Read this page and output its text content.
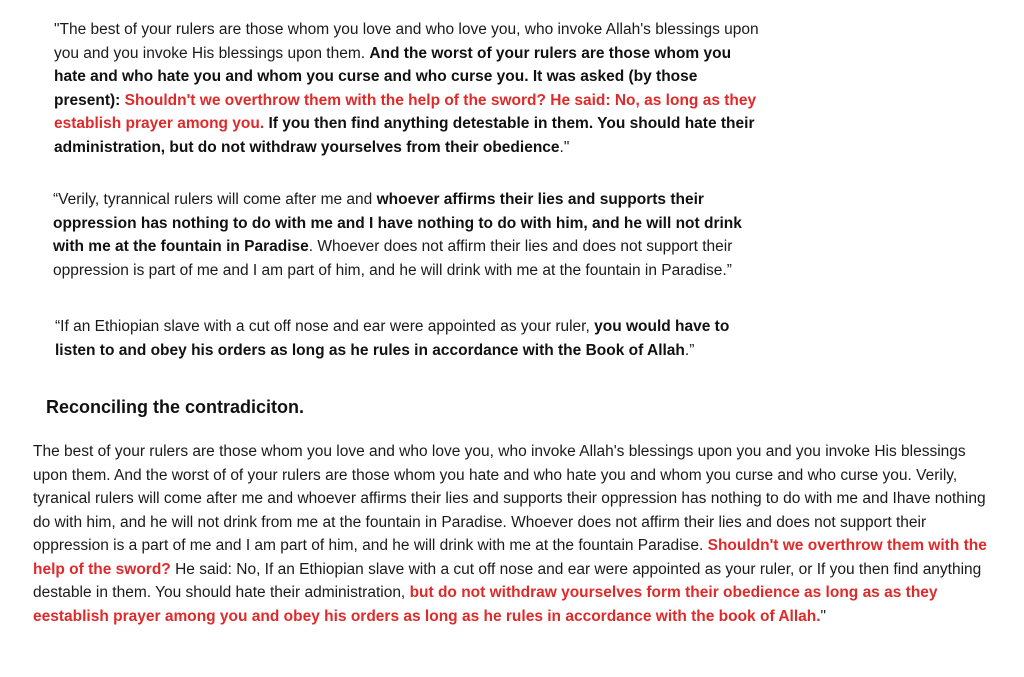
"The best of your rulers are those whom you love and who love you, who invoke Allah's blessings upon you and you invoke His blessings upon them. And the worst of your rulers are those whom you hate and who hate you and whom you curse and who curse you. It was asked (by those present): Shouldn't we overthrow them with the help of the sword? He said: No, as long as they establish prayer among you. If you then find anything detestable in them. You should hate their administration, but do not withdraw yourselves from their obedience."

“Verily, tyrannical rulers will come after me and whoever affirms their lies and supports their oppression has nothing to do with me and I have nothing to do with him, and he will not drink with me at the fountain in Paradise. Whoever does not affirm their lies and does not support their oppression is part of me and I am part of him, and he will drink with me at the fountain in Paradise.”

“If an Ethiopian slave with a cut off nose and ear were appointed as your ruler, you would have to listen to and obey his orders as long as he rules in accordance with the Book of Allah.”

Reconciling the contradiciton.

The best of your rulers are those whom you love and who love you, who invoke Allah's blessings upon you and you invoke His blessings upon them. And the worst of of your rulers are those whom you hate and who hate you and whom you curse and who curse you. Verily, tyranical rulers will come after me and whoever affirms their lies and supports their oppression has nothing to do with me and Ihave nothing do with him, and he will not drink from me at the fountain in Paradise. Whoever does not affirm their lies and does not support their oppression is a part of me and I am part of him, and he will drink with me at the fountain Paradise. Shouldn't we overthrow them with the help of the sword? He said: No, If an Ethiopian slave with a cut off nose and ear were appointed as your ruler, or If you then find anything destable in them. You should hate their administration, but do not withdraw yourselves form their obedience as long as as they eestablish prayer among you and obey his orders as long as he rules in accordance with the book of Allah."
